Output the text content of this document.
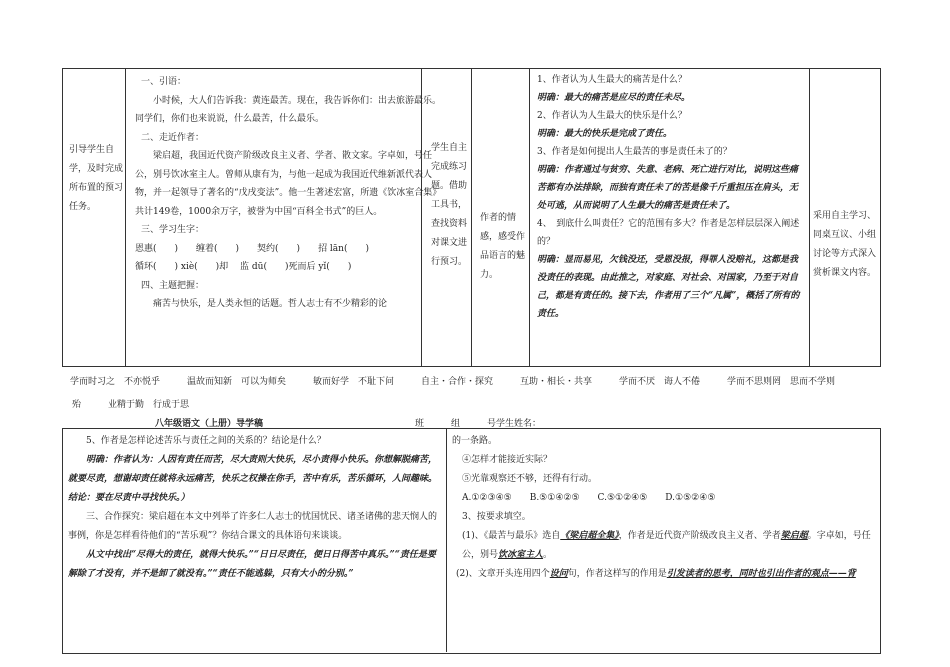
引导学生自学，及时完成所布置的预习任务。

一、引语：

小时候，大人们告诉我：黄连最苦。现在，我告诉你们：出去旅游最乐。同学们，你们也来说说，什么最苦，什么最乐。

二、走近作者：

梁启超，我国近代资产阶级改良主义者、学者、散文家。字卓如，号任公，别号饮冰室主人。曾师从康有为，与他一起成为我国近代维新派代表人物，并一起领导了著名的“戊戌变法”。他一生著述宏富，所遗《饮冰室合集》共计149卷，1000余万字，被誉为中国“百科全书式”的巨人。

三、学习生字：

恩惠(　　)　　缠着(　　)　　契约(　　)　　招 lān(　　)

循环(　　) xiè(　　)却　 监 dū(　　)死而后 yǐ(　　)

四、主题把握：

痛苦与快乐，是人类永恒的话题。哲人志士有不少精彩的论

学生自主完成练习题。借助工具书，查找资料对课文进行预习。
作者的情感，感受作品语言的魅力。

1、作者认为人生最大的痛苦是什么？

明确：最大的痛苦是应尽的责任未尽。

2、作者认为人生最大的快乐是什么？

明确：最大的快乐是完成了责任。

3、作者是如何提出人生最苦的事是责任未了的？

明确：作者通过与贫穷、失意、老病、死亡进行对比，说明这些痛苦都有办法排除，而独有责任未了的苦是像千斤重担压在肩头，无处可逃，从而说明了人生最大的痛苦是责任未了。

4、　到底什么叫责任？它的范围有多大？作者是怎样层层深入阐述的？

明确：显而易见，欠钱没还，受恩没报，得罪人没赔礼，这都是我没责任的表现。由此推之，对家庭、对社会、对国家，乃至于对自己，都是有责任的。接下去，作者用了三个“凡属”，概括了所有的责任。

采用自主学习、同桌互议、小组讨论等方式深入赏析课文内容。
学而时习之　不亦悦乎　　　温故而知新　可以为师矣　　　敏而好学　不耻下问　　　自主・合作・探究　　　互助・相长・共享　　　学而不厌　诲人不倦　　　学而不思则罔　思而不学则
殆　　　业精于勤　行成于思
八年级语文（上册）导学稿	班　　　组　　　号学生姓名：

5、作者是怎样论述苦乐与责任之间的关系的？结论是什么？

明确：作者认为：人因有责任而苦，尽大责则大快乐，尽小责得小快乐。你想解脱痛苦，就要尽责，想谢却责任就将永远痛苦，快乐之权操在你手，苦中有乐，苦乐循环，人间趣味。　结论：要在尽责中寻找快乐。）

三、合作探究：梁启超在本文中列举了许多仁人志士的忧国忧民、诸圣诸佛的悲天悯人的事例，你是怎样看待他们的“苦乐观”？你结合课文的具体语句来谈谈。

从文中找出“尽得大的责任，就得大快乐。”“日日尽责任，便日日得苦中真乐。”“责任是要解除了才没有，并不是卸了就没有。”“责任不能逃躲，只有大小的分别。”

的一条路。

④怎样才能接近实际？

⑤光靠观察还不够，还得有行动。

A.①②③④⑤　　B.⑤①④②⑤　　C.⑤①②④⑤　　D.①⑤②④⑤

3、按要求填空。

(1)、《最苦与最乐》选自《梁启超全集》，作者是近代资产阶级改良主义者、学者梁启超。字卓如，号任公，别号饮冰室主人。

(2)、文章开头连用四个设问句，作者这样写的作用是引发读者的思考，同时也引出作者的观点——背
